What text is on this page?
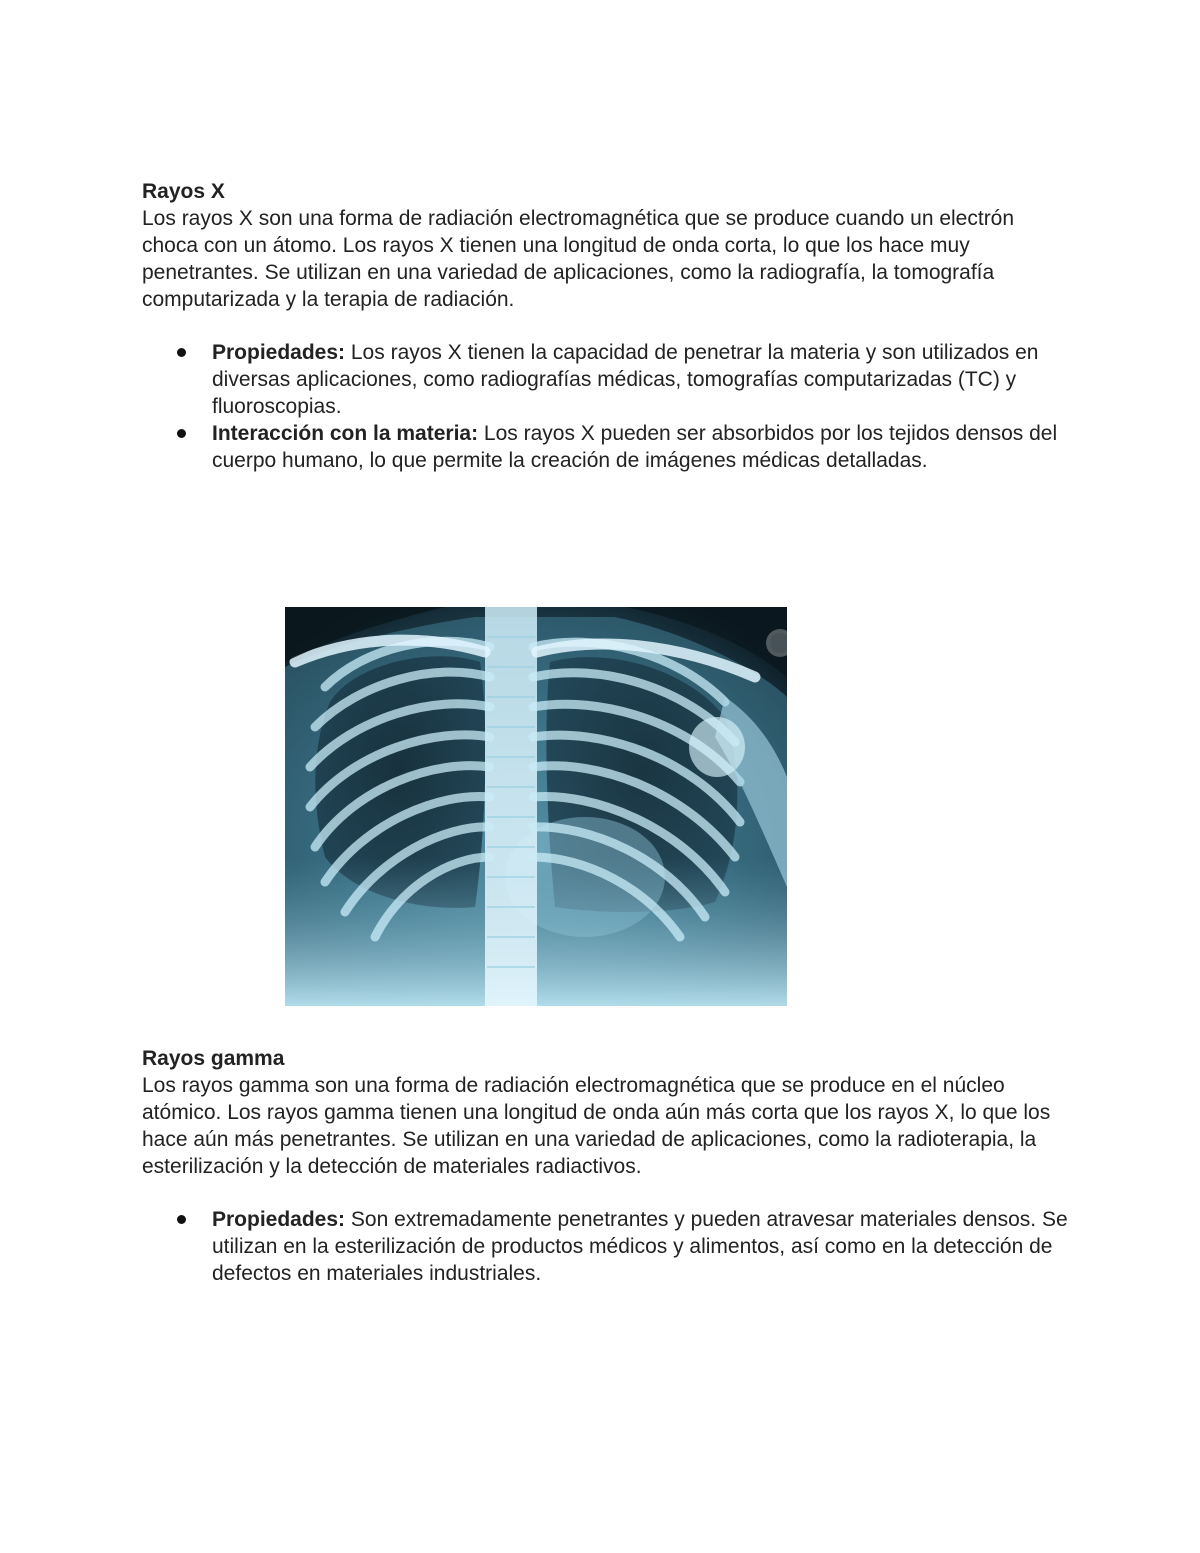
Rayos X

Los rayos X son una forma de radiación electromagnética que se produce cuando un electrón choca con un átomo. Los rayos X tienen una longitud de onda corta, lo que los hace muy penetrantes. Se utilizan en una variedad de aplicaciones, como la radiografía, la tomografía computarizada y la terapia de radiación.

Propiedades: Los rayos X tienen la capacidad de penetrar la materia y son utilizados en diversas aplicaciones, como radiografías médicas, tomografías computarizadas (TC) y fluoroscopias.
Interacción con la materia: Los rayos X pueden ser absorbidos por los tejidos densos del cuerpo humano, lo que permite la creación de imágenes médicas detalladas.

Rayos gamma

Los rayos gamma son una forma de radiación electromagnética que se produce en el núcleo atómico. Los rayos gamma tienen una longitud de onda aún más corta que los rayos X, lo que los hace aún más penetrantes. Se utilizan en una variedad de aplicaciones, como la radioterapia, la esterilización y la detección de materiales radiactivos.

Propiedades: Son extremadamente penetrantes y pueden atravesar materiales densos. Se utilizan en la esterilización de productos médicos y alimentos, así como en la detección de defectos en materiales industriales.
